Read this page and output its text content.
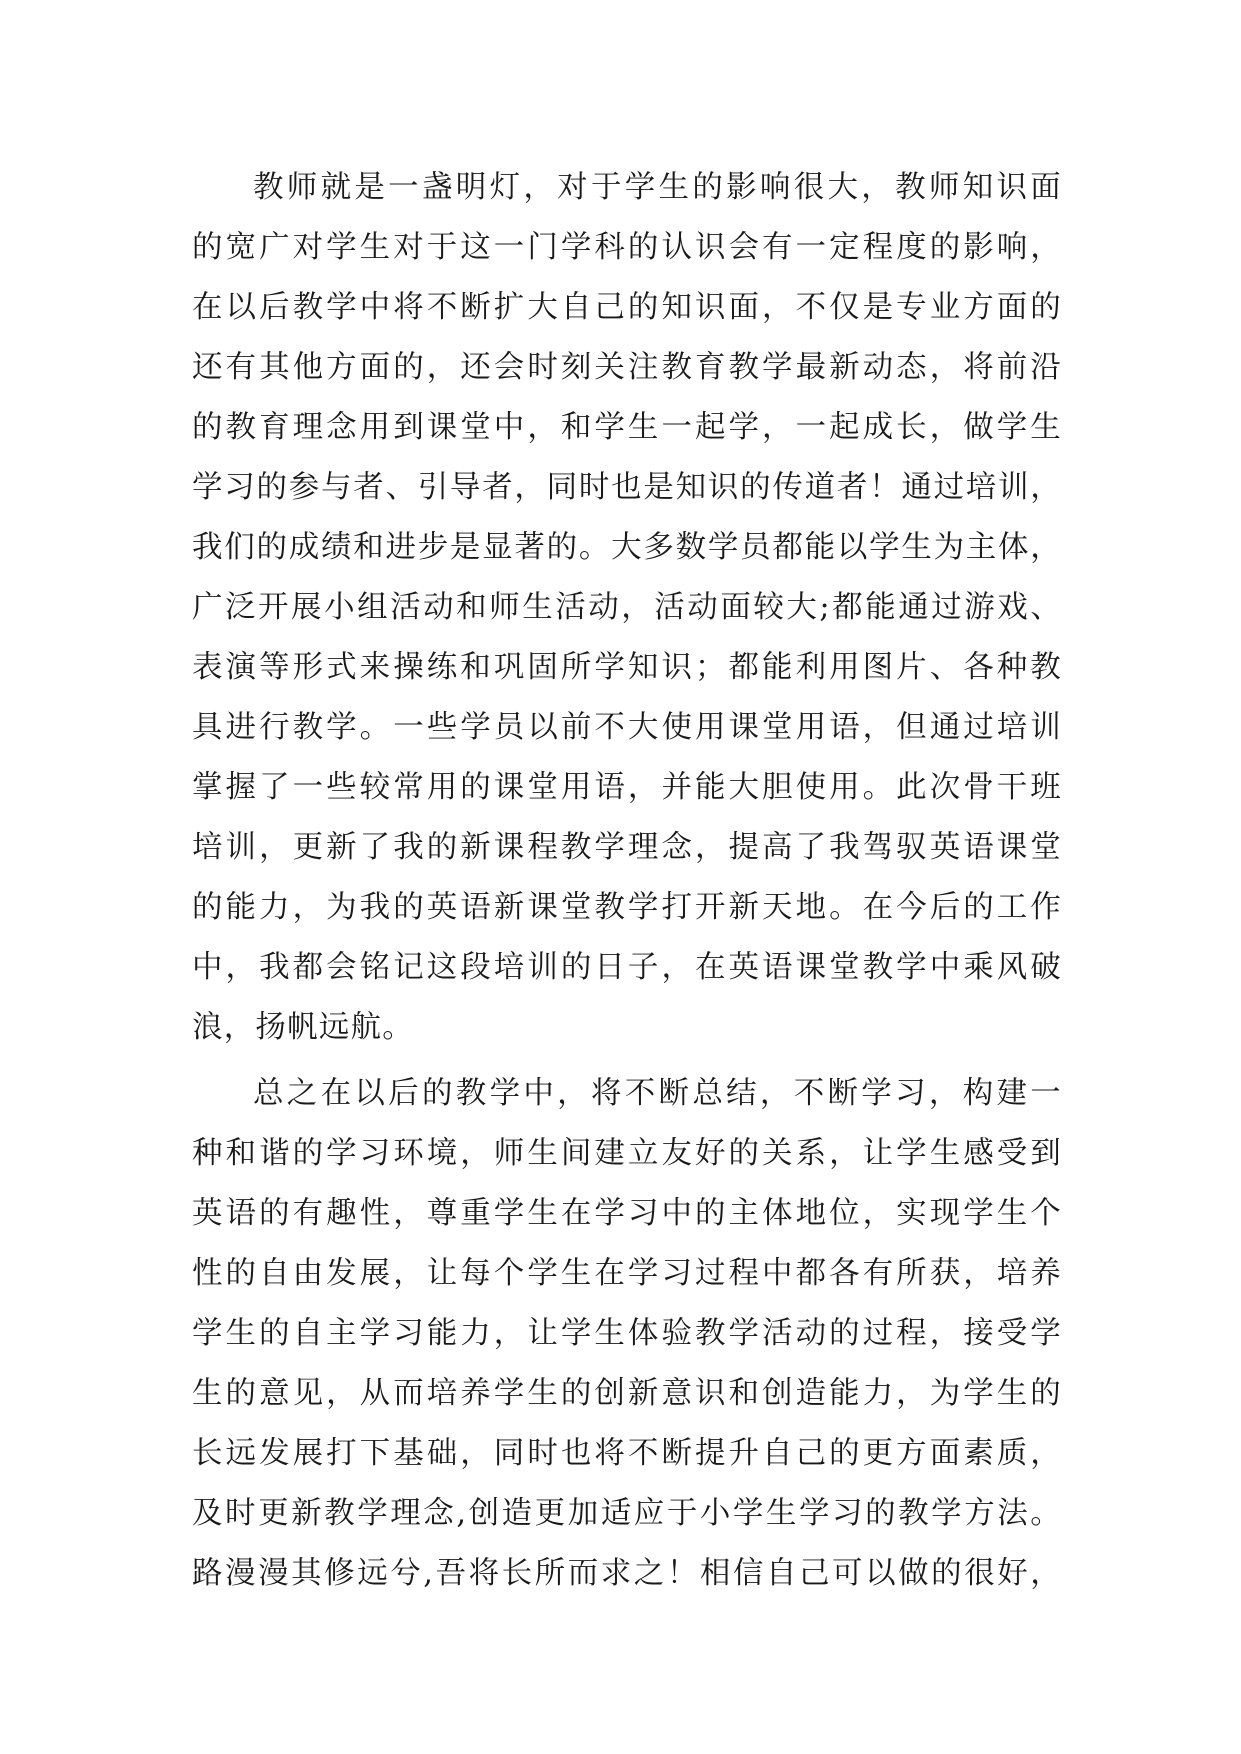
教师就是一盏明灯，对于学生的影响很大，教师知识面
的宽广对学生对于这一门学科的认识会有一定程度的影响，
在以后教学中将不断扩大自己的知识面，不仅是专业方面的
还有其他方面的，还会时刻关注教育教学最新动态，将前沿
的教育理念用到课堂中，和学生一起学，一起成长，做学生
学习的参与者、引导者，同时也是知识的传道者！通过培训，
我们的成绩和进步是显著的。大多数学员都能以学生为主体，
广泛开展小组活动和师生活动，活动面较大;都能通过游戏、
表演等形式来操练和巩固所学知识；都能利用图片、各种教
具进行教学。一些学员以前不大使用课堂用语，但通过培训
掌握了一些较常用的课堂用语，并能大胆使用。此次骨干班
培训，更新了我的新课程教学理念，提高了我驾驭英语课堂
的能力，为我的英语新课堂教学打开新天地。在今后的工作
中，我都会铭记这段培训的日子，在英语课堂教学中乘风破
浪，扬帆远航。
总之在以后的教学中，将不断总结，不断学习，构建一
种和谐的学习环境，师生间建立友好的关系，让学生感受到
英语的有趣性，尊重学生在学习中的主体地位，实现学生个
性的自由发展，让每个学生在学习过程中都各有所获，培养
学生的自主学习能力，让学生体验教学活动的过程，接受学
生的意见，从而培养学生的创新意识和创造能力，为学生的
长远发展打下基础，同时也将不断提升自己的更方面素质，
及时更新教学理念,创造更加适应于小学生学习的教学方法。
路漫漫其修远兮,吾将长所而求之！相信自己可以做的很好，
